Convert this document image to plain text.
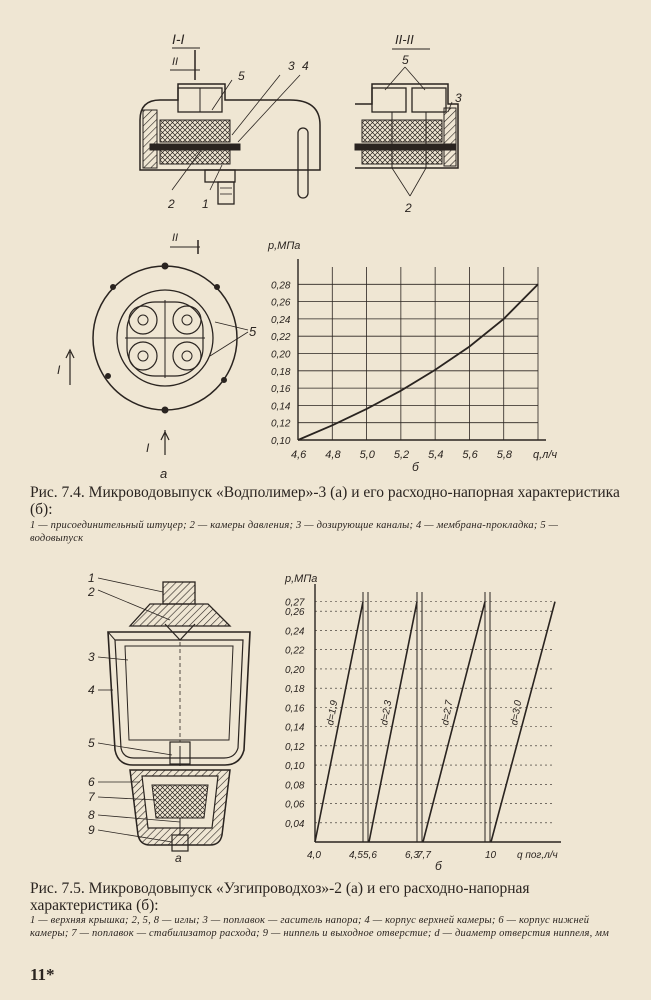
I-I
II
5
3 4
2 1
II-II
5
3
2
II
5
I
I
а
p,МПа
4,6 4,8 5,0 5,2 5,4 5,6 5,8
0,10
0,12
0,14
0,16
0,18
0,20
0,22
0,24
0,26
0,28
q,л/ч
б
Рис. 7.4. Микроводовыпуск «Водполимер»-3 (а) и его расходно-напорная характеристика (б):
1 — присоединительный штуцер; 2 — камеры давления; 3 — дозирующие каналы; 4 — мембрана-прокладка; 5 — водовыпуск
1
2
3
4
5
6
7
8
9
а
p,МПа
0,04
0,06
0,08
0,10
0,12
0,14
0,16
0,18
0,20
0,22
0,24
0,26
0,27
4,0	4,5 5,6	6,3
7,7	10 q пог,л/ч
d=1,9	d=2,3	d=2,7	d=3,0
б
Рис. 7.5. Микроводовыпуск «Узгипроводхоз»-2 (а) и его расходно-напорная характеристика (б):
1 — верхняя крышка; 2, 5, 8 — иглы; 3 — поплавок — гаситель напора; 4 — корпус верхней камеры; 6 — корпус нижней камеры; 7 — поплавок — стабилизатор расхода; 9 — ниппель и выходное отверстие; d — диаметр отверстия ниппеля, мм
11*
